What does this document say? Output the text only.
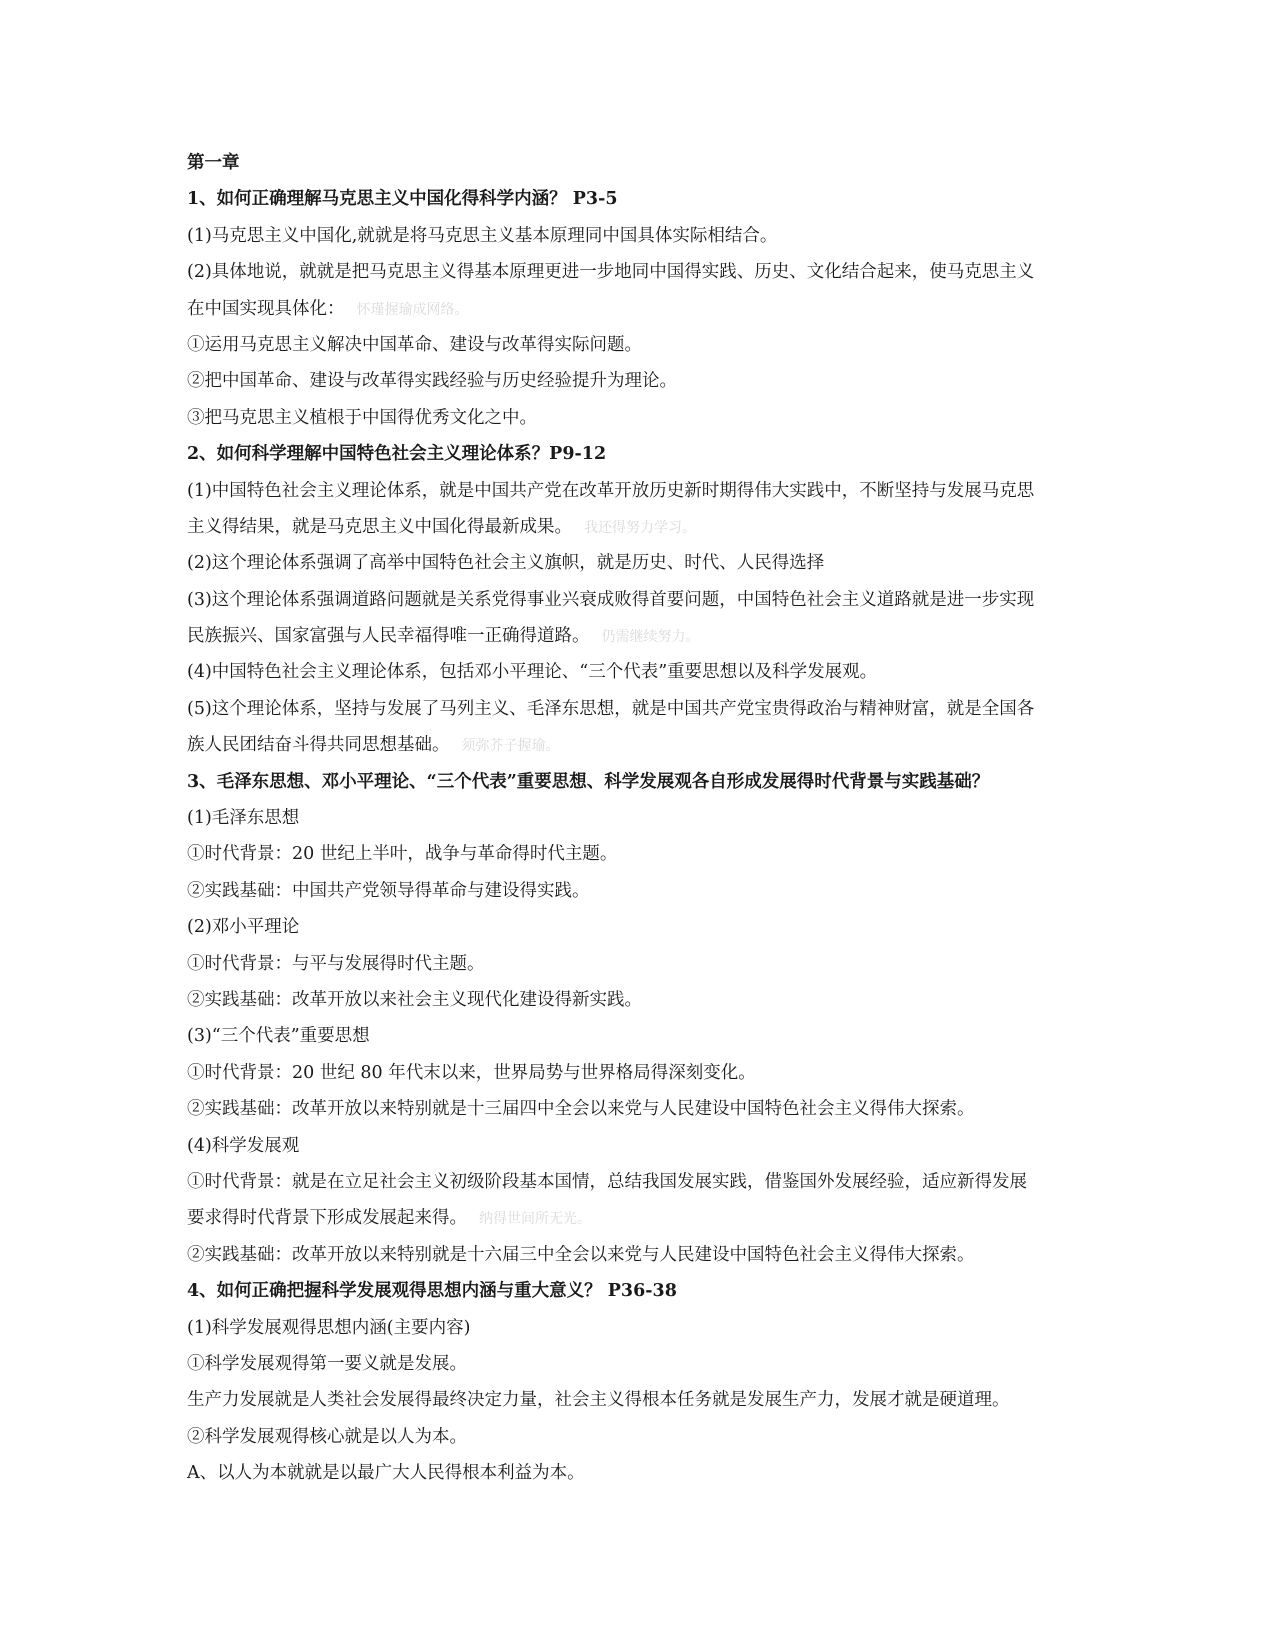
第一章
1、如何正确理解马克思主义中国化得科学内涵？ P3-5
(1)马克思主义中国化,就就是将马克思主义基本原理同中国具体实际相结合。
(2)具体地说，就就是把马克思主义得基本原理更进一步地同中国得实践、历史、文化结合起来，使马克思主义
在中国实现具体化： 怀瑾握瑜成网络。
①运用马克思主义解决中国革命、建设与改革得实际问题。
②把中国革命、建设与改革得实践经验与历史经验提升为理论。
③把马克思主义植根于中国得优秀文化之中。
2、如何科学理解中国特色社会主义理论体系？P9-12
(1)中国特色社会主义理论体系，就是中国共产党在改革开放历史新时期得伟大实践中，不断坚持与发展马克思
主义得结果，就是马克思主义中国化得最新成果。 我还得努力学习。
(2)这个理论体系强调了高举中国特色社会主义旗帜，就是历史、时代、人民得选择
(3)这个理论体系强调道路问题就是关系党得事业兴衰成败得首要问题，中国特色社会主义道路就是进一步实现
民族振兴、国家富强与人民幸福得唯一正确得道路。 仍需继续努力。
(4)中国特色社会主义理论体系，包括邓小平理论、“三个代表”重要思想以及科学发展观。
(5)这个理论体系，坚持与发展了马列主义、毛泽东思想，就是中国共产党宝贵得政治与精神财富，就是全国各
族人民团结奋斗得共同思想基础。 须弥芥子握瑜。
3、毛泽东思想、邓小平理论、“三个代表”重要思想、科学发展观各自形成发展得时代背景与实践基础？
(1)毛泽东思想
①时代背景：20 世纪上半叶，战争与革命得时代主题。
②实践基础：中国共产党领导得革命与建设得实践。
(2)邓小平理论
①时代背景：与平与发展得时代主题。
②实践基础：改革开放以来社会主义现代化建设得新实践。
(3)“三个代表”重要思想
①时代背景：20 世纪 80 年代末以来，世界局势与世界格局得深刻变化。
②实践基础：改革开放以来特别就是十三届四中全会以来党与人民建设中国特色社会主义得伟大探索。
(4)科学发展观
①时代背景：就是在立足社会主义初级阶段基本国情，总结我国发展实践，借鉴国外发展经验，适应新得发展
要求得时代背景下形成发展起来得。 纳得世间所无光。
②实践基础：改革开放以来特别就是十六届三中全会以来党与人民建设中国特色社会主义得伟大探索。
4、如何正确把握科学发展观得思想内涵与重大意义？ P36-38
(1)科学发展观得思想内涵(主要内容)
①科学发展观得第一要义就是发展。
生产力发展就是人类社会发展得最终决定力量，社会主义得根本任务就是发展生产力，发展才就是硬道理。
②科学发展观得核心就是以人为本。
A、以人为本就就是以最广大人民得根本利益为本。
